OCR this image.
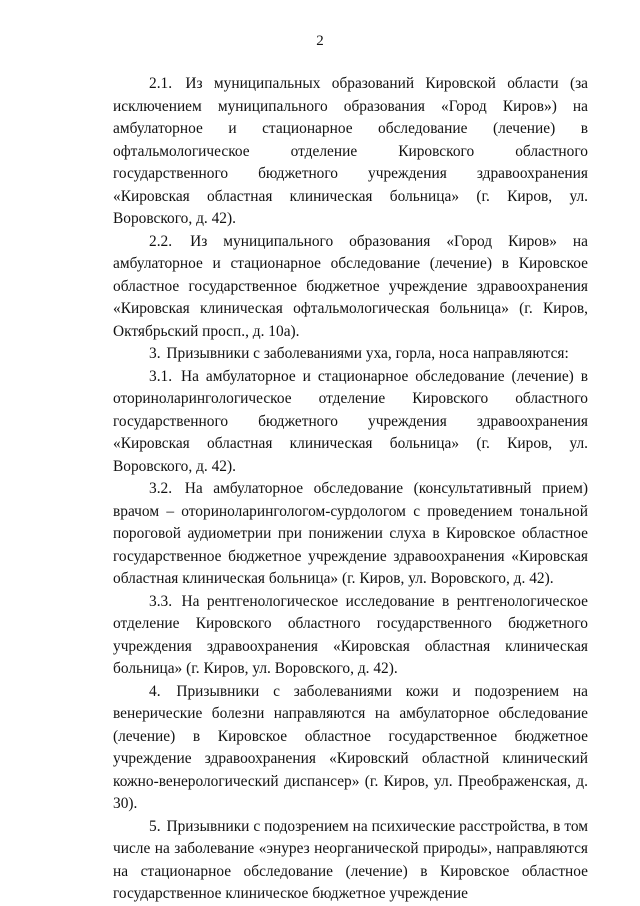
2

2.1. Из муниципальных образований Кировской области (за исключением муниципального образования «Город Киров») на амбулаторное и стационарное обследование (лечение) в офтальмологическое отделение Кировского областного государственного бюджетного учреждения здравоохранения «Кировская областная клиническая больница» (г. Киров, ул. Воровского, д. 42).

2.2. Из муниципального образования «Город Киров» на амбулаторное и стационарное обследование (лечение) в Кировское областное государственное бюджетное учреждение здравоохранения «Кировская клиническая офтальмологическая больница» (г. Киров, Октябрьский просп., д. 10а).

3. Призывники с заболеваниями уха, горла, носа направляются:

3.1. На амбулаторное и стационарное обследование (лечение) в оториноларингологическое отделение Кировского областного государственного бюджетного учреждения здравоохранения «Кировская областная клиническая больница» (г. Киров, ул. Воровского, д. 42).

3.2. На амбулаторное обследование (консультативный прием) врачом – оториноларингологом-сурдологом с проведением тональной пороговой аудиометрии при понижении слуха в Кировское областное государственное бюджетное учреждение здравоохранения «Кировская областная клиническая больница» (г. Киров, ул. Воровского, д. 42).

3.3. На рентгенологическое исследование в рентгенологическое отделение Кировского областного государственного бюджетного учреждения здравоохранения «Кировская областная клиническая больница» (г. Киров, ул. Воровского, д. 42).

4. Призывники с заболеваниями кожи и подозрением на венерические болезни направляются на амбулаторное обследование (лечение) в Кировское областное государственное бюджетное учреждение здравоохранения «Кировский областной клинический кожно-венерологический диспансер» (г. Киров, ул. Преображенская, д. 30).

5. Призывники с подозрением на психические расстройства, в том числе на заболевание «энурез неорганической природы», направляются на стационарное обследование (лечение) в Кировское областное государственное клиническое бюджетное учреждение
